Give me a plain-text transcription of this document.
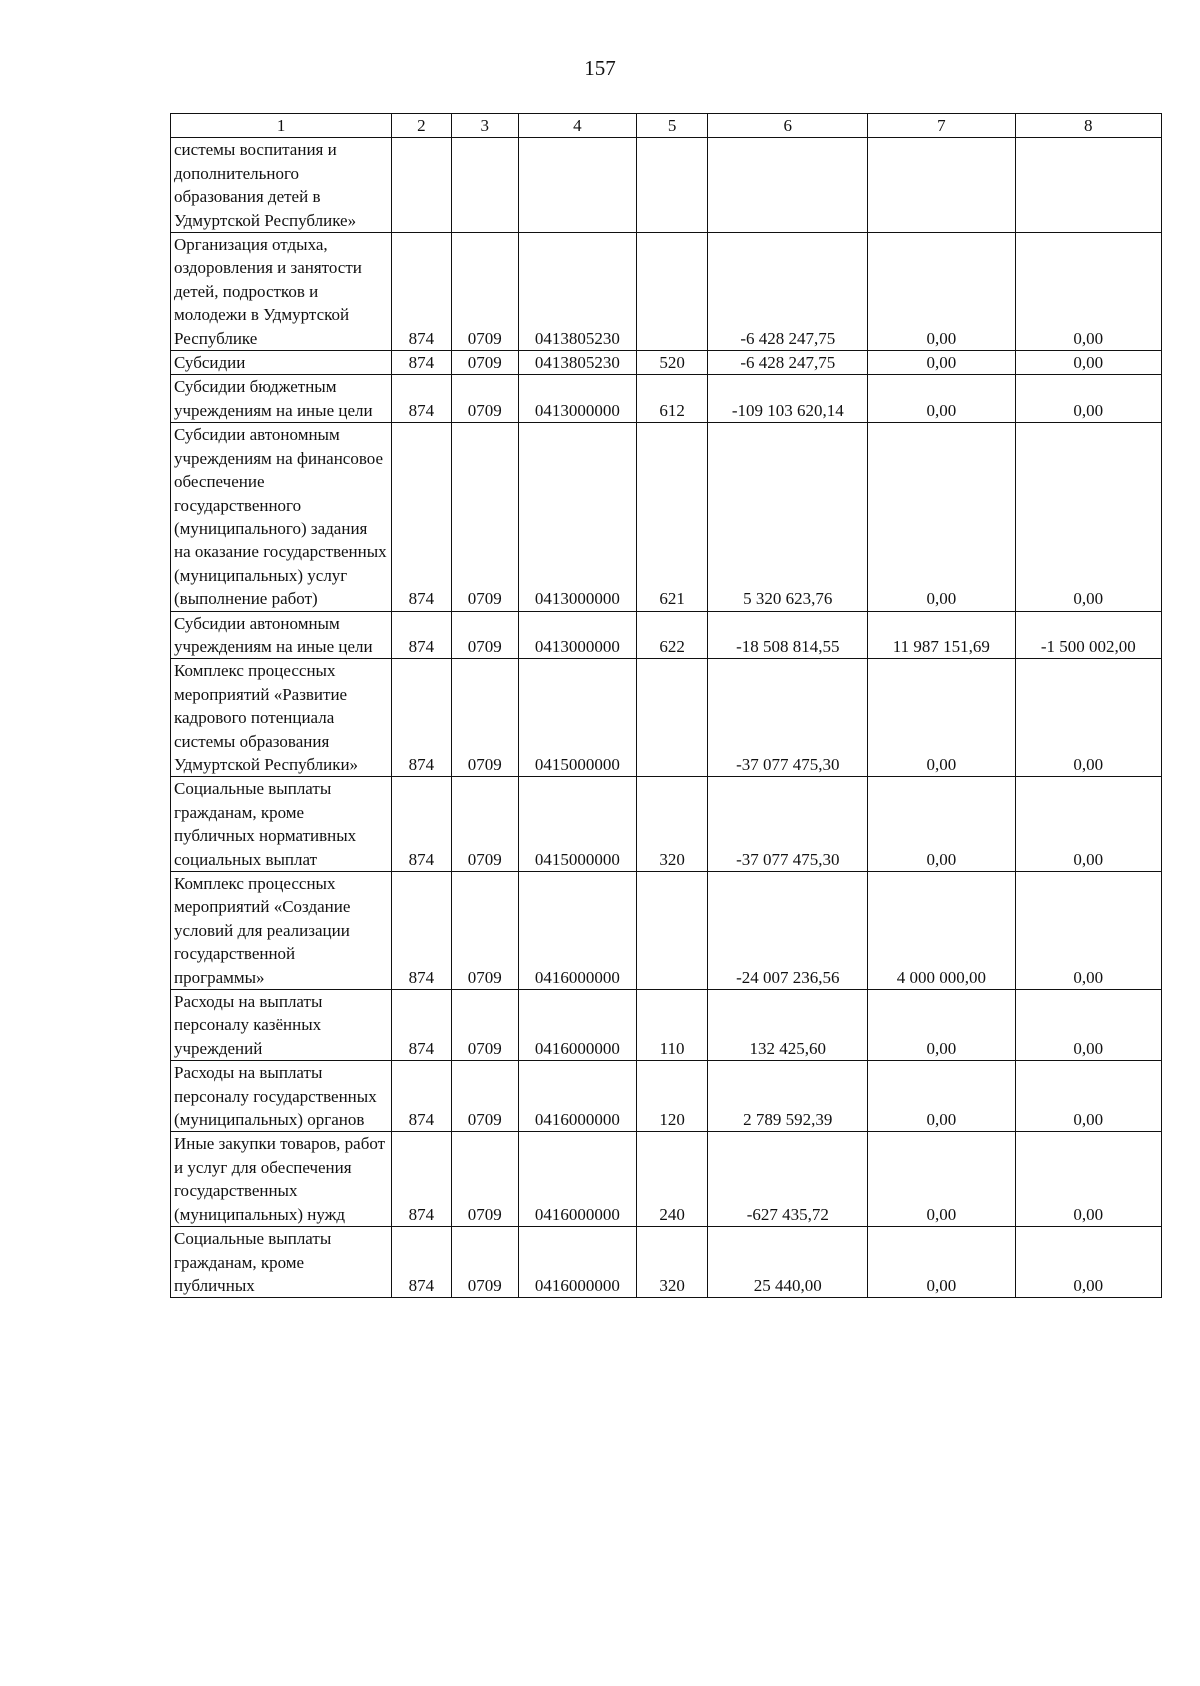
157
1	2	3	4	5	6	7	8
системы воспитания и дополнительного образования детей в Удмуртской Республике»							
Организация отдыха, оздоровления и занятости детей, подростков и молодежи в Удмуртской Республике	874	0709	0413805230		-6 428 247,75	0,00	0,00
Субсидии	874	0709	0413805230	520	-6 428 247,75	0,00	0,00
Субсидии бюджетным учреждениям на иные цели	874	0709	0413000000	612	-109 103 620,14	0,00	0,00
Субсидии автономным учреждениям на финансовое обеспечение государственного (муниципального) задания на оказание государственных (муниципальных) услуг (выполнение работ)	874	0709	0413000000	621	5 320 623,76	0,00	0,00
Субсидии автономным учреждениям на иные цели	874	0709	0413000000	622	-18 508 814,55	11 987 151,69	-1 500 002,00
Комплекс процессных мероприятий «Развитие кадрового потенциала системы образования Удмуртской Республики»	874	0709	0415000000		-37 077 475,30	0,00	0,00
Социальные выплаты гражданам, кроме публичных нормативных социальных выплат	874	0709	0415000000	320	-37 077 475,30	0,00	0,00
Комплекс процессных мероприятий «Создание условий для реализации государственной программы»	874	0709	0416000000		-24 007 236,56	4 000 000,00	0,00
Расходы на выплаты персоналу казённых учреждений	874	0709	0416000000	110	132 425,60	0,00	0,00
Расходы на выплаты персоналу государственных (муниципальных) органов	874	0709	0416000000	120	2 789 592,39	0,00	0,00
Иные закупки товаров, работ и услуг для обеспечения государственных (муниципальных) нужд	874	0709	0416000000	240	-627 435,72	0,00	0,00
Социальные выплаты гражданам, кроме публичных	874	0709	0416000000	320	25 440,00	0,00	0,00
